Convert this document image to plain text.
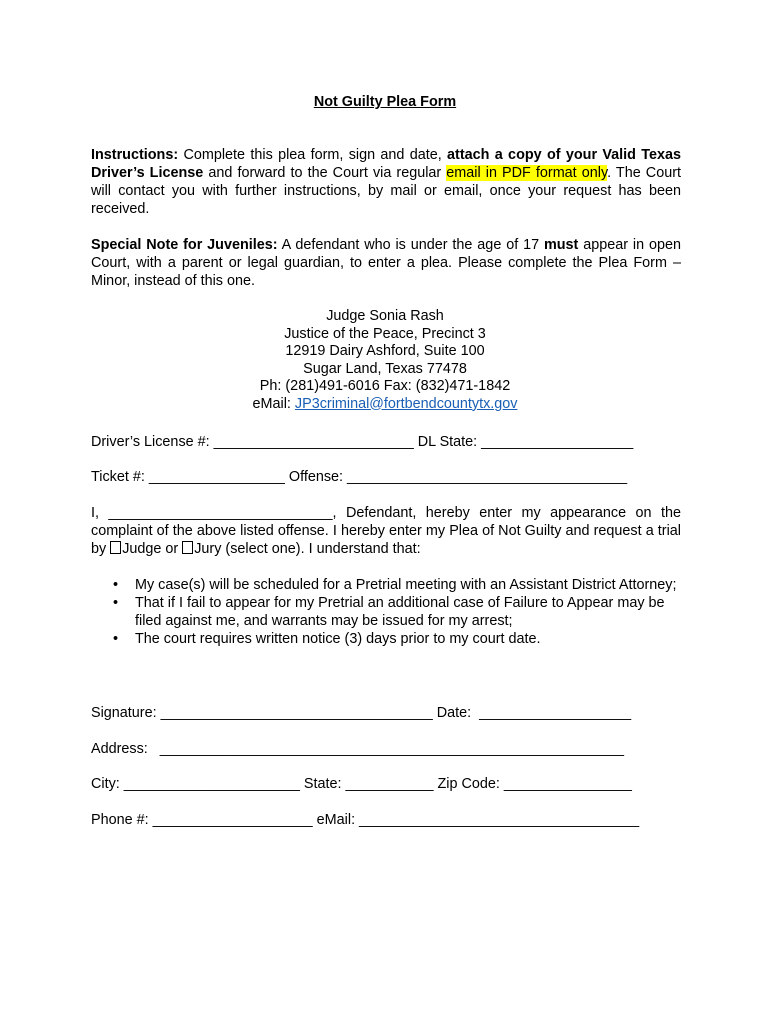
Not Guilty Plea Form
Instructions: Complete this plea form, sign and date, attach a copy of your Valid Texas Driver’s License and forward to the Court via regular email in PDF format only. The Court will contact you with further instructions, by mail or email, once your request has been received.
Special Note for Juveniles: A defendant who is under the age of 17 must appear in open Court, with a parent or legal guardian, to enter a plea. Please complete the Plea Form – Minor, instead of this one.
Judge Sonia Rash
Justice of the Peace, Precinct 3
12919 Dairy Ashford, Suite 100
Sugar Land, Texas 77478
Ph: (281)491-6016 Fax: (832)471-1842
eMail: JP3criminal@fortbendcountytx.gov
Driver’s License #: _________________________ DL State: ___________________
Ticket #: _________________ Offense: ___________________________________
I, ____________________________, Defendant, hereby enter my appearance on the complaint of the above listed offense. I hereby enter my Plea of Not Guilty and request a trial by Judge or Jury (select one). I understand that:
•	My case(s) will be scheduled for a Pretrial meeting with an Assistant District Attorney;
•	That if I fail to appear for my Pretrial an additional case of Failure to Appear may be filed against me, and warrants may be issued for my arrest;
•	The court requires written notice (3) days prior to my court date.
Signature: __________________________________ Date:  ___________________
Address:   __________________________________________________________
City: ______________________ State: ___________ Zip Code: ________________
Phone #: ____________________ eMail: ___________________________________
